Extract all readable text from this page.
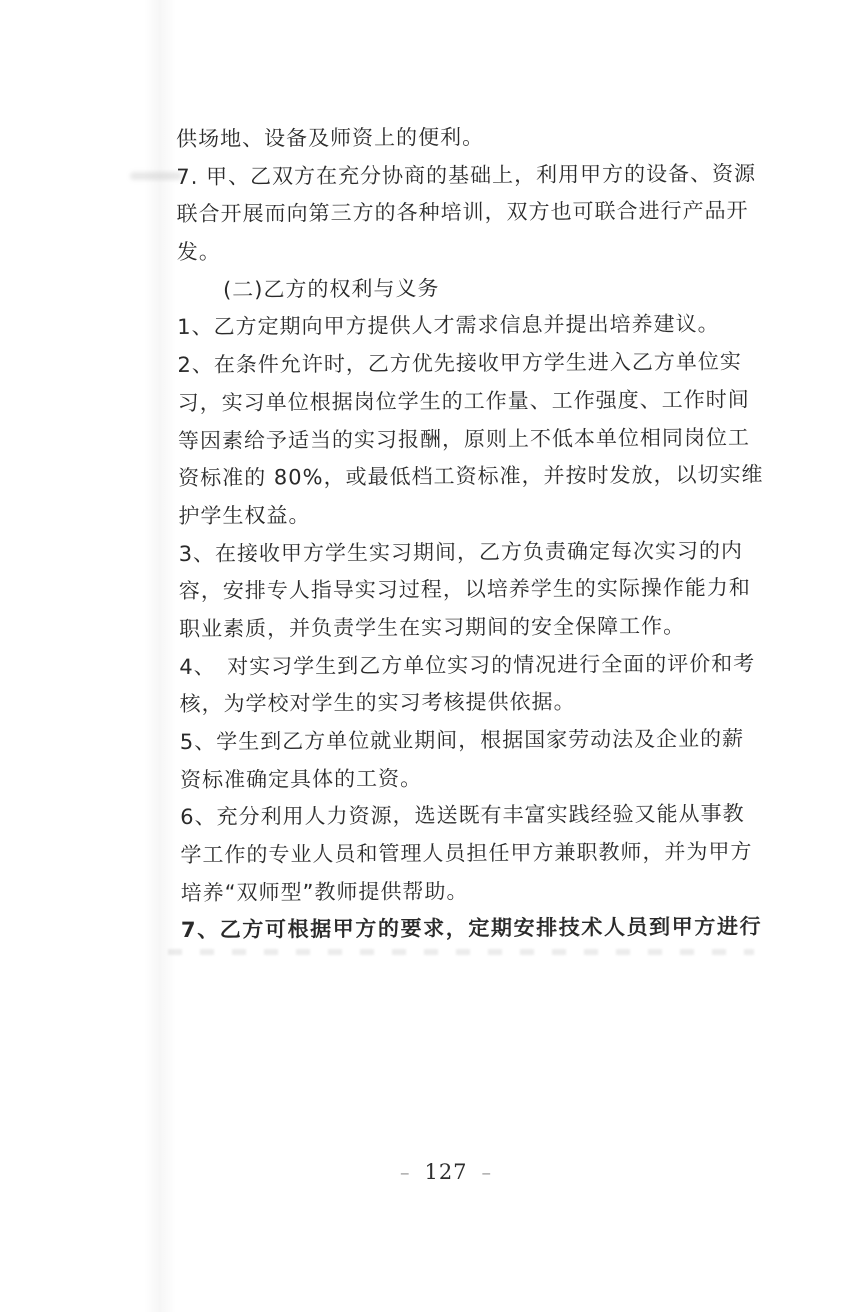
供场地、设备及师资上的便利。
7. 甲、乙双方在充分协商的基础上，利用甲方的设备、资源
联合开展而向第三方的各种培训，双方也可联合进行产品开
发。
(二)乙方的权利与义务
1、乙方定期向甲方提供人才需求信息并提出培养建议。
2、在条件允许时，乙方优先接收甲方学生进入乙方单位实
习，实习单位根据岗位学生的工作量、工作强度、工作时间
等因素给予适当的实习报酬，原则上不低本单位相同岗位工
资标准的 80%，或最低档工资标准，并按时发放，以切实维
护学生权益。
3、在接收甲方学生实习期间，乙方负责确定每次实习的内
容，安排专人指导实习过程，以培养学生的实际操作能力和
职业素质，并负责学生在实习期间的安全保障工作。
4、　对实习学生到乙方单位实习的情况进行全面的评价和考
核，为学校对学生的实习考核提供依据。
5、学生到乙方单位就业期间，根据国家劳动法及企业的薪
资标准确定具体的工资。
6、充分利用人力资源，选送既有丰富实践经验又能从事教
学工作的专业人员和管理人员担任甲方兼职教师，并为甲方
培养“双师型”教师提供帮助。
7、乙方可根据甲方的要求，定期安排技术人员到甲方进行
– 127 –
